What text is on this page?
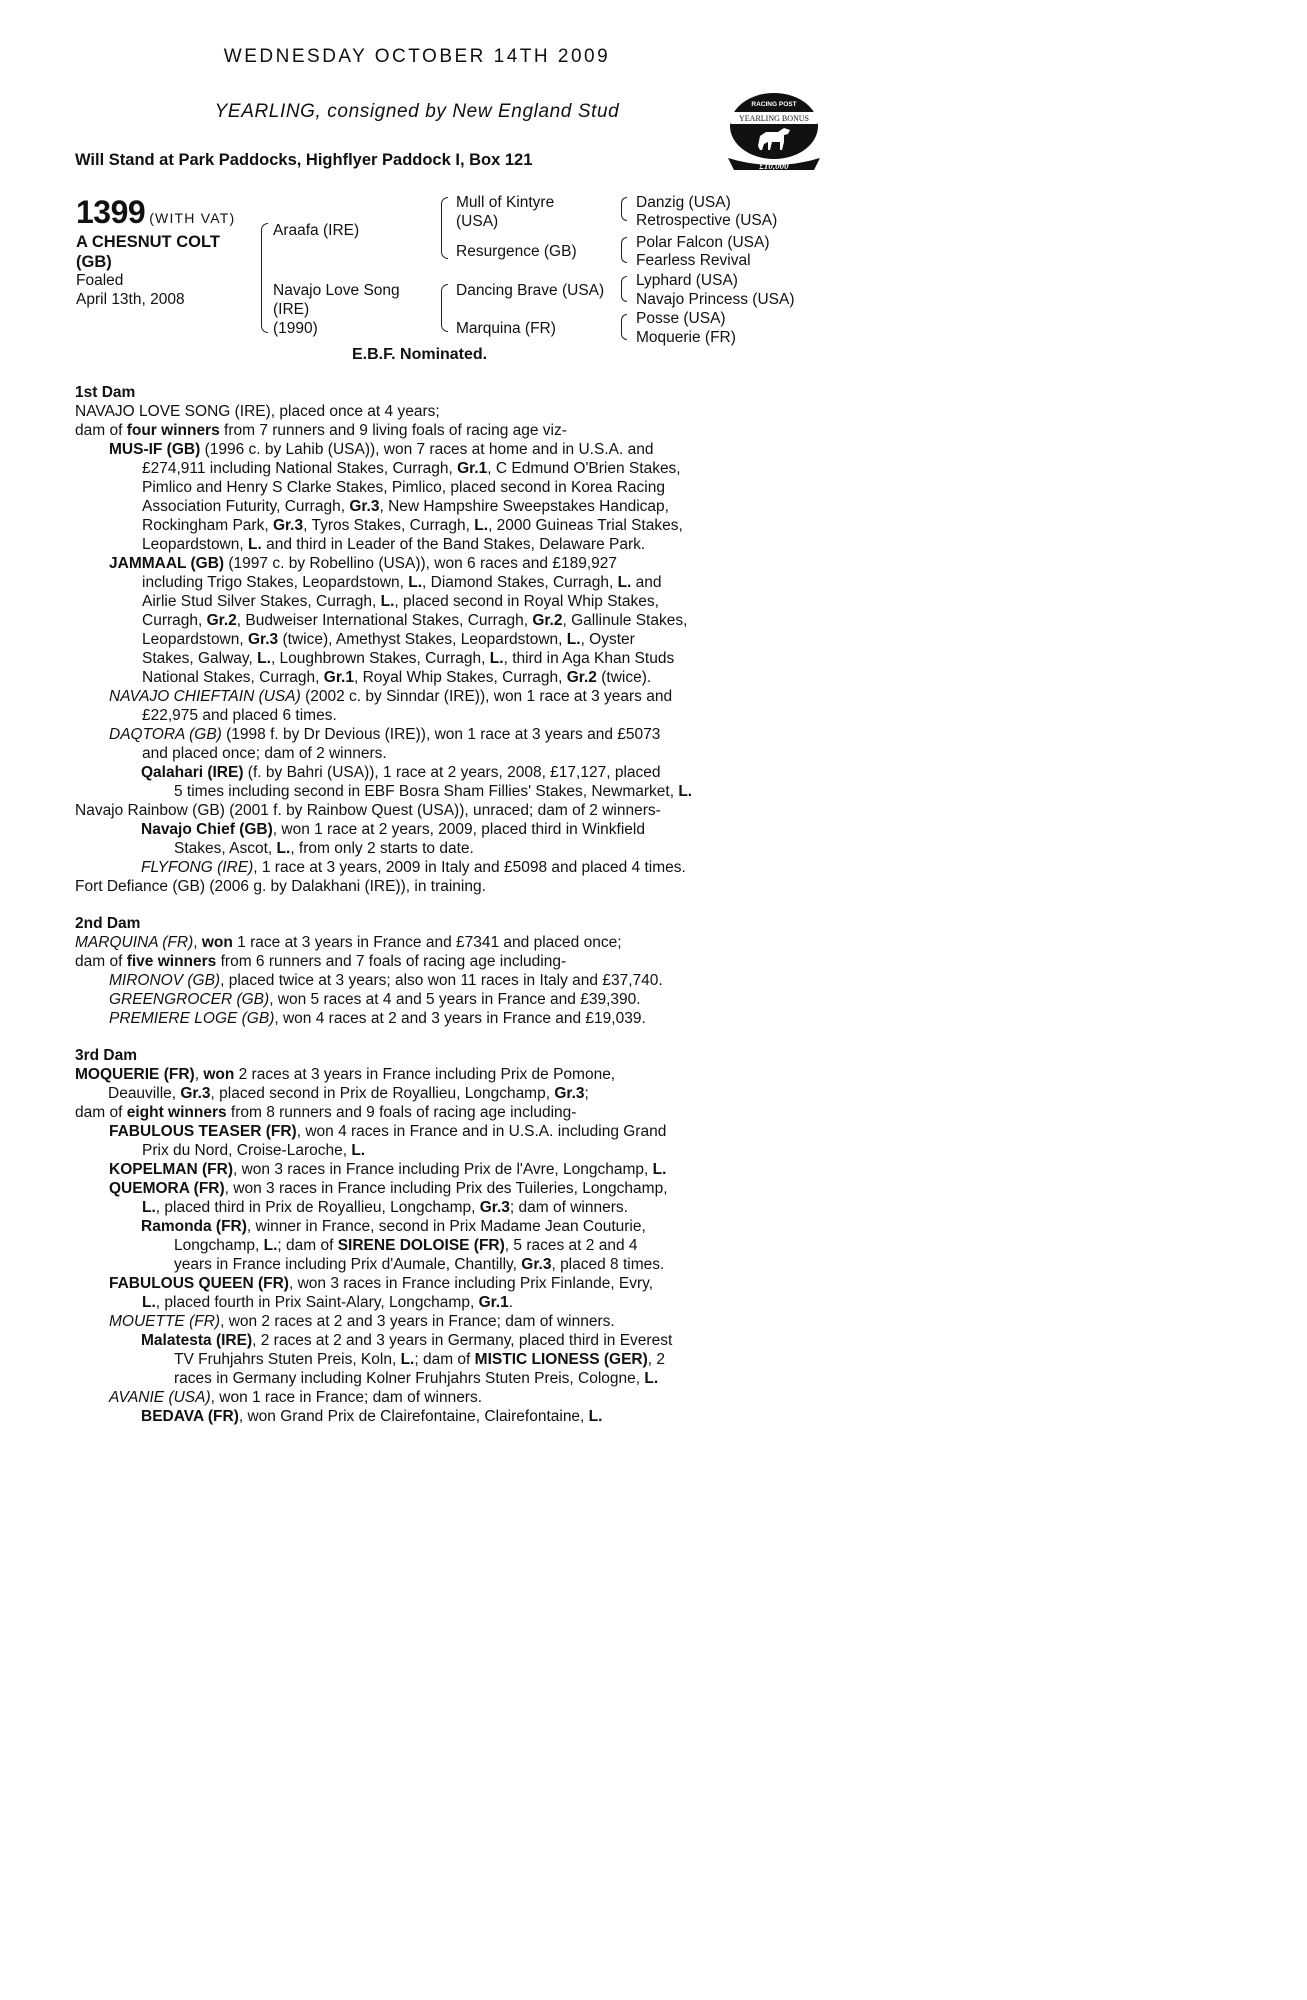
WEDNESDAY OCTOBER 14TH 2009
YEARLING, consigned by New England Stud
Will Stand at Park Paddocks, Highflyer Paddock I, Box 121
RACING POST
YEARLING BONUS
£10,000
1399 (WITH VAT)
A CHESNUT COLT (GB)
Foaled
April 13th, 2008
Araafa (IRE)
Navajo Love Song
(IRE)
(1990)
Mull of Kintyre
(USA)
Resurgence (GB)
Dancing Brave (USA)
Marquina (FR)
Danzig (USA)
Retrospective (USA)
Polar Falcon (USA)
Fearless Revival
Lyphard (USA)
Navajo Princess (USA)
Posse (USA)
Moquerie (FR)
E.B.F. Nominated.

1st Dam

NAVAJO LOVE SONG (IRE), placed once at 4 years;

dam of four winners from 7 runners and 9 living foals of racing age viz-

MUS-IF (GB) (1996 c. by Lahib (USA)), won 7 races at home and in U.S.A. and

£274,911 including National Stakes, Curragh, Gr.1, C Edmund O'Brien Stakes,

Pimlico and Henry S Clarke Stakes, Pimlico, placed second in Korea Racing

Association Futurity, Curragh, Gr.3, New Hampshire Sweepstakes Handicap,

Rockingham Park, Gr.3, Tyros Stakes, Curragh, L., 2000 Guineas Trial Stakes,

Leopardstown, L. and third in Leader of the Band Stakes, Delaware Park.

JAMMAAL (GB) (1997 c. by Robellino (USA)), won 6 races and £189,927

including Trigo Stakes, Leopardstown, L., Diamond Stakes, Curragh, L. and

Airlie Stud Silver Stakes, Curragh, L., placed second in Royal Whip Stakes,

Curragh, Gr.2, Budweiser International Stakes, Curragh, Gr.2, Gallinule Stakes,

Leopardstown, Gr.3 (twice), Amethyst Stakes, Leopardstown, L., Oyster

Stakes, Galway, L., Loughbrown Stakes, Curragh, L., third in Aga Khan Studs

National Stakes, Curragh, Gr.1, Royal Whip Stakes, Curragh, Gr.2 (twice).

NAVAJO CHIEFTAIN (USA) (2002 c. by Sinndar (IRE)), won 1 race at 3 years and

£22,975 and placed 6 times.

DAQTORA (GB) (1998 f. by Dr Devious (IRE)), won 1 race at 3 years and £5073

and placed once; dam of 2 winners.

Qalahari (IRE) (f. by Bahri (USA)), 1 race at 2 years, 2008, £17,127, placed

5 times including second in EBF Bosra Sham Fillies' Stakes, Newmarket, L.

Navajo Rainbow (GB) (2001 f. by Rainbow Quest (USA)), unraced; dam of 2 winners-

Navajo Chief (GB), won 1 race at 2 years, 2009, placed third in Winkfield

Stakes, Ascot, L., from only 2 starts to date.

FLYFONG (IRE), 1 race at 3 years, 2009 in Italy and £5098 and placed 4 times.

Fort Defiance (GB) (2006 g. by Dalakhani (IRE)), in training.

2nd Dam

MARQUINA (FR), won 1 race at 3 years in France and £7341 and placed once;

dam of five winners from 6 runners and 7 foals of racing age including-

MIRONOV (GB), placed twice at 3 years; also won 11 races in Italy and £37,740.

GREENGROCER (GB), won 5 races at 4 and 5 years in France and £39,390.

PREMIERE LOGE (GB), won 4 races at 2 and 3 years in France and £19,039.

3rd Dam

MOQUERIE (FR), won 2 races at 3 years in France including Prix de Pomone,

Deauville, Gr.3, placed second in Prix de Royallieu, Longchamp, Gr.3;

dam of eight winners from 8 runners and 9 foals of racing age including-

FABULOUS TEASER (FR), won 4 races in France and in U.S.A. including Grand

Prix du Nord, Croise-Laroche, L.

KOPELMAN (FR), won 3 races in France including Prix de l'Avre, Longchamp, L.

QUEMORA (FR), won 3 races in France including Prix des Tuileries, Longchamp,

L., placed third in Prix de Royallieu, Longchamp, Gr.3; dam of winners.

Ramonda (FR), winner in France, second in Prix Madame Jean Couturie,

Longchamp, L.; dam of SIRENE DOLOISE (FR), 5 races at 2 and 4

years in France including Prix d'Aumale, Chantilly, Gr.3, placed 8 times.

FABULOUS QUEEN (FR), won 3 races in France including Prix Finlande, Evry,

L., placed fourth in Prix Saint-Alary, Longchamp, Gr.1.

MOUETTE (FR), won 2 races at 2 and 3 years in France; dam of winners.

Malatesta (IRE), 2 races at 2 and 3 years in Germany, placed third in Everest

TV Fruhjahrs Stuten Preis, Koln, L.; dam of MISTIC LIONESS (GER), 2

races in Germany including Kolner Fruhjahrs Stuten Preis, Cologne, L.

AVANIE (USA), won 1 race in France; dam of winners.

BEDAVA (FR), won Grand Prix de Clairefontaine, Clairefontaine, L.
